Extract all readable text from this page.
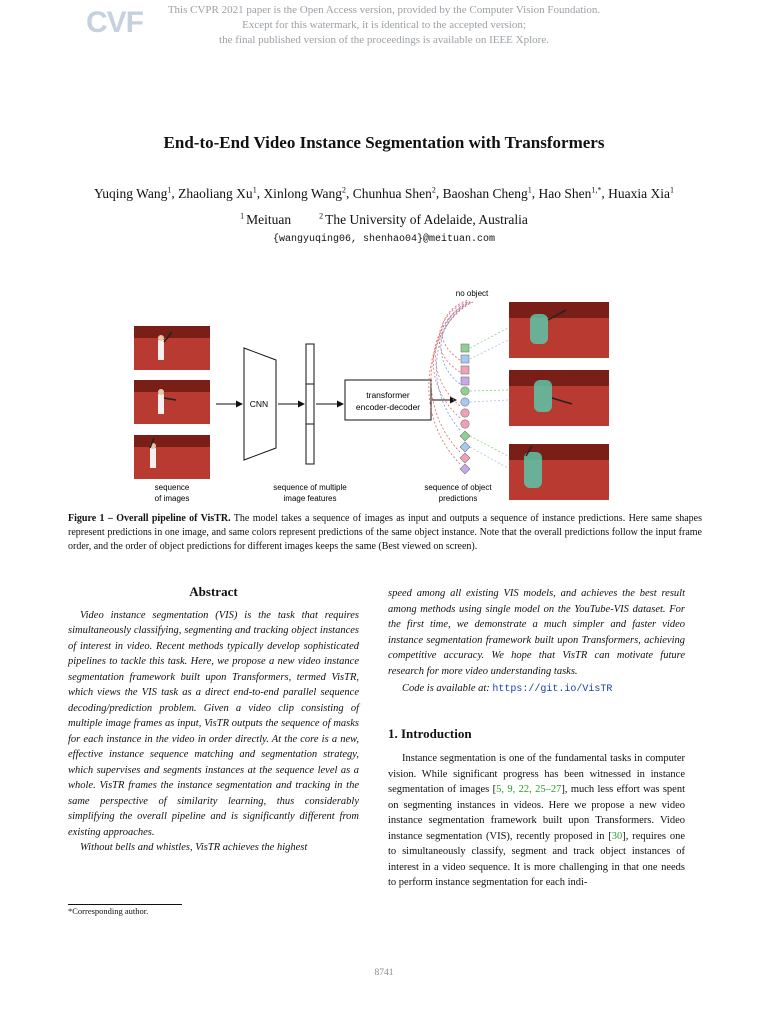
CVF	This CVPR 2021 paper is the Open Access version, provided by the Computer Vision Foundation.
Except for this watermark, it is identical to the accepted version;
the final published version of the proceedings is available on IEEE Xplore.
End-to-End Video Instance Segmentation with Transformers
Yuqing Wang$^1$, Zhaoliang Xu$^1$, Xinlong Wang$^2$, Chunhua Shen$^2$, Baoshan Cheng$^1$, Hao Shen$^{1,*}$, Huaxia Xia$^1$
$^1$ Meituan	$^2$ The University of Adelaide, Australia
{wangyuqing06, shenhao04}@meituan.com
CNN
transformer
encoder-decoder
no object
sequence
of images
sequence of multiple
image features
sequence of object
predictions
Figure 1 – Overall pipeline of VisTR. The model takes a sequence of images as input and outputs a sequence of instance predictions. Here same shapes represent predictions in one image, and same colors represent predictions of the same object instance. Note that the overall predictions follow the input frame order, and the order of object predictions for different images keeps the same (Best viewed on screen).
Abstract

Video instance segmentation (VIS) is the task that requires simultaneously classifying, segmenting and tracking object instances of interest in video. Recent methods typically develop sophisticated pipelines to tackle this task. Here, we propose a new video instance segmentation framework built upon Transformers, termed VisTR, which views the VIS task as a direct end-to-end parallel sequence decoding/prediction problem. Given a video clip consisting of multiple image frames as input, VisTR outputs the sequence of masks for each instance in the video in order directly. At the core is a new, effective instance sequence matching and segmentation strategy, which supervises and segments instances at the sequence level as a whole. VisTR frames the instance segmentation and tracking in the same perspective of similarity learning, thus considerably simplifying the overall pipeline and is significantly different from existing approaches.

Without bells and whistles, VisTR achieves the highest

*Corresponding author.

speed among all existing VIS models, and achieves the best result among methods using single model on the YouTube-VIS dataset. For the first time, we demonstrate a much simpler and faster video instance segmentation framework built upon Transformers, achieving competitive accuracy. We hope that VisTR can motivate future research for more video understanding tasks.

Code is available at: https://git.io/VisTR

1. Introduction

Instance segmentation is one of the fundamental tasks in computer vision. While significant progress has been witnessed in instance segmentation of images [5, 9, 22, 25–27], much less effort was spent on segmenting instances in videos. Here we propose a new video instance segmentation framework built upon Transformers. Video instance segmentation (VIS), recently proposed in [30], requires one to simultaneously classify, segment and track object instances of interest in a video sequence. It is more challenging in that one needs to perform instance segmentation for each indi-

8741
